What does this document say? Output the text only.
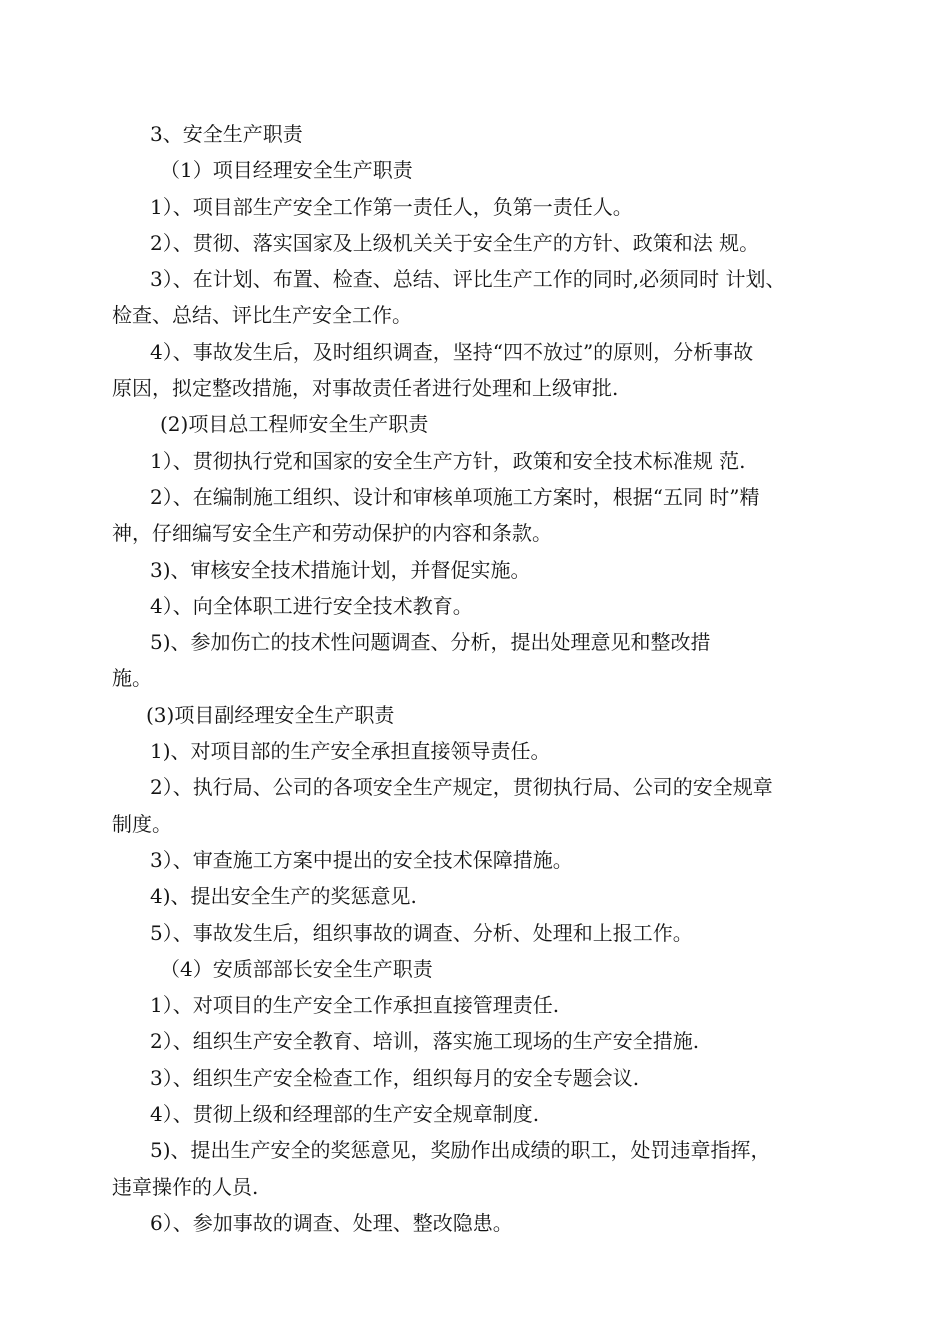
3、安全生产职责
（1）项目经理安全生产职责
1）、项目部生产安全工作第一责任人，负第一责任人。
2）、贯彻、落实国家及上级机关关于安全生产的方针、政策和法 规。
3）、在计划、布置、检查、总结、评比生产工作的同时,必须同时 计划、
检查、总结、评比生产安全工作。
4）、事故发生后，及时组织调查，坚持“四不放过”的原则，分析事故
原因，拟定整改措施，对事故责任者进行处理和上级审批.
(2)项目总工程师安全生产职责
1）、贯彻执行党和国家的安全生产方针，政策和安全技术标准规 范.
2）、在编制施工组织、设计和审核单项施工方案时，根据“五同 时”精
神，仔细编写安全生产和劳动保护的内容和条款。
3)、审核安全技术措施计划，并督促实施。
4）、向全体职工进行安全技术教育。
5)、参加伤亡的技术性问题调查、分析，提出处理意见和整改措
施。
(3)项目副经理安全生产职责
1)、对项目部的生产安全承担直接领导责任。
2）、执行局、公司的各项安全生产规定，贯彻执行局、公司的安全规章
制度。
3）、审查施工方案中提出的安全技术保障措施。
4)、提出安全生产的奖惩意见.
5）、事故发生后，组织事故的调查、分析、处理和上报工作。
（4）安质部部长安全生产职责
1）、对项目的生产安全工作承担直接管理责任.
2）、组织生产安全教育、培训，落实施工现场的生产安全措施.
3）、组织生产安全检查工作，组织每月的安全专题会议.
4）、贯彻上级和经理部的生产安全规章制度.
5)、提出生产安全的奖惩意见，奖励作出成绩的职工，处罚违章指挥，
违章操作的人员.
6）、参加事故的调查、处理、整改隐患。
